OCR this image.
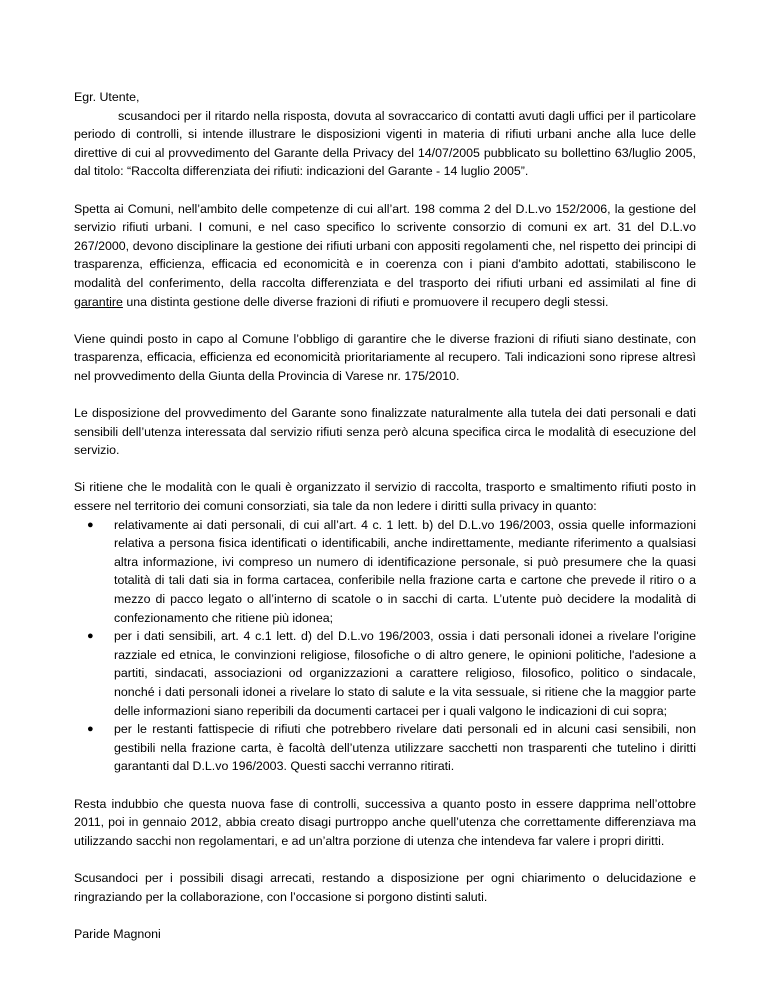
Egr. Utente,

scusandoci per il ritardo nella risposta, dovuta al sovraccarico di contatti avuti dagli uffici per il particolare periodo di controlli, si intende illustrare le disposizioni vigenti in materia di rifiuti urbani anche alla luce delle direttive di cui al provvedimento del Garante della Privacy del 14/07/2005 pubblicato su bollettino 63/luglio 2005, dal titolo: “Raccolta differenziata dei rifiuti: indicazioni del Garante - 14 luglio 2005”.

Spetta ai Comuni, nell’ambito delle competenze di cui all’art. 198 comma 2 del D.L.vo 152/2006, la gestione del servizio rifiuti urbani. I comuni, e nel caso specifico lo scrivente consorzio di comuni ex art. 31 del D.L.vo 267/2000, devono disciplinare la gestione dei rifiuti urbani con appositi regolamenti che, nel rispetto dei principi di trasparenza, efficienza, efficacia ed economicità e in coerenza con i piani d'ambito adottati, stabiliscono le modalità del conferimento, della raccolta differenziata e del trasporto dei rifiuti urbani ed assimilati al fine di garantire una distinta gestione delle diverse frazioni di rifiuti e promuovere il recupero degli stessi.

Viene quindi posto in capo al Comune l’obbligo di garantire che le diverse frazioni di rifiuti siano destinate, con trasparenza, efficacia, efficienza ed economicità prioritariamente al recupero. Tali indicazioni sono riprese altresì nel provvedimento della Giunta della Provincia di Varese nr. 175/2010.

Le disposizione del provvedimento del Garante sono finalizzate naturalmente alla tutela dei dati personali e dati sensibili dell’utenza interessata dal servizio rifiuti senza però alcuna specifica circa le modalità di esecuzione del servizio.

Si ritiene che le modalità con le quali è organizzato il servizio di raccolta, trasporto e smaltimento rifiuti posto in essere nel territorio dei comuni consorziati, sia tale da non ledere i diritti sulla privacy in quanto:

● relativamente ai dati personali, di cui all’art. 4 c. 1 lett. b) del D.L.vo 196/2003, ossia quelle informazioni relativa a persona fisica identificati o identificabili, anche indirettamente, mediante riferimento a qualsiasi altra informazione, ivi compreso un numero di identificazione personale, si può presumere che la quasi totalità di tali dati sia in forma cartacea, conferibile nella frazione carta e cartone che prevede il ritiro o a mezzo di pacco legato o all’interno di scatole o in sacchi di carta. L’utente può decidere la modalità di confezionamento che ritiene più idonea;
● per i dati sensibili, art. 4 c.1 lett. d) del D.L.vo 196/2003, ossia i dati personali idonei a rivelare l'origine razziale ed etnica, le convinzioni religiose, filosofiche o di altro genere, le opinioni politiche, l'adesione a partiti, sindacati, associazioni od organizzazioni a carattere religioso, filosofico, politico o sindacale, nonché i dati personali idonei a rivelare lo stato di salute e la vita sessuale, si ritiene che la maggior parte delle informazioni siano reperibili da documenti cartacei per i quali valgono le indicazioni di cui sopra;
● per le restanti fattispecie di rifiuti che potrebbero rivelare dati personali ed in alcuni casi sensibili, non gestibili nella frazione carta, è facoltà dell’utenza utilizzare sacchetti non trasparenti che tutelino i diritti garantanti dal D.L.vo 196/2003. Questi sacchi verranno ritirati.

Resta indubbio che questa nuova fase di controlli, successiva a quanto posto in essere dapprima nell’ottobre 2011, poi in gennaio 2012, abbia creato disagi purtroppo anche quell’utenza che correttamente differenziava ma utilizzando sacchi non regolamentari, e ad un’altra porzione di utenza che intendeva far valere i propri diritti.

Scusandoci per i possibili disagi arrecati, restando a disposizione per ogni chiarimento o delucidazione e ringraziando per la collaborazione, con l’occasione si porgono distinti saluti.

Paride Magnoni
